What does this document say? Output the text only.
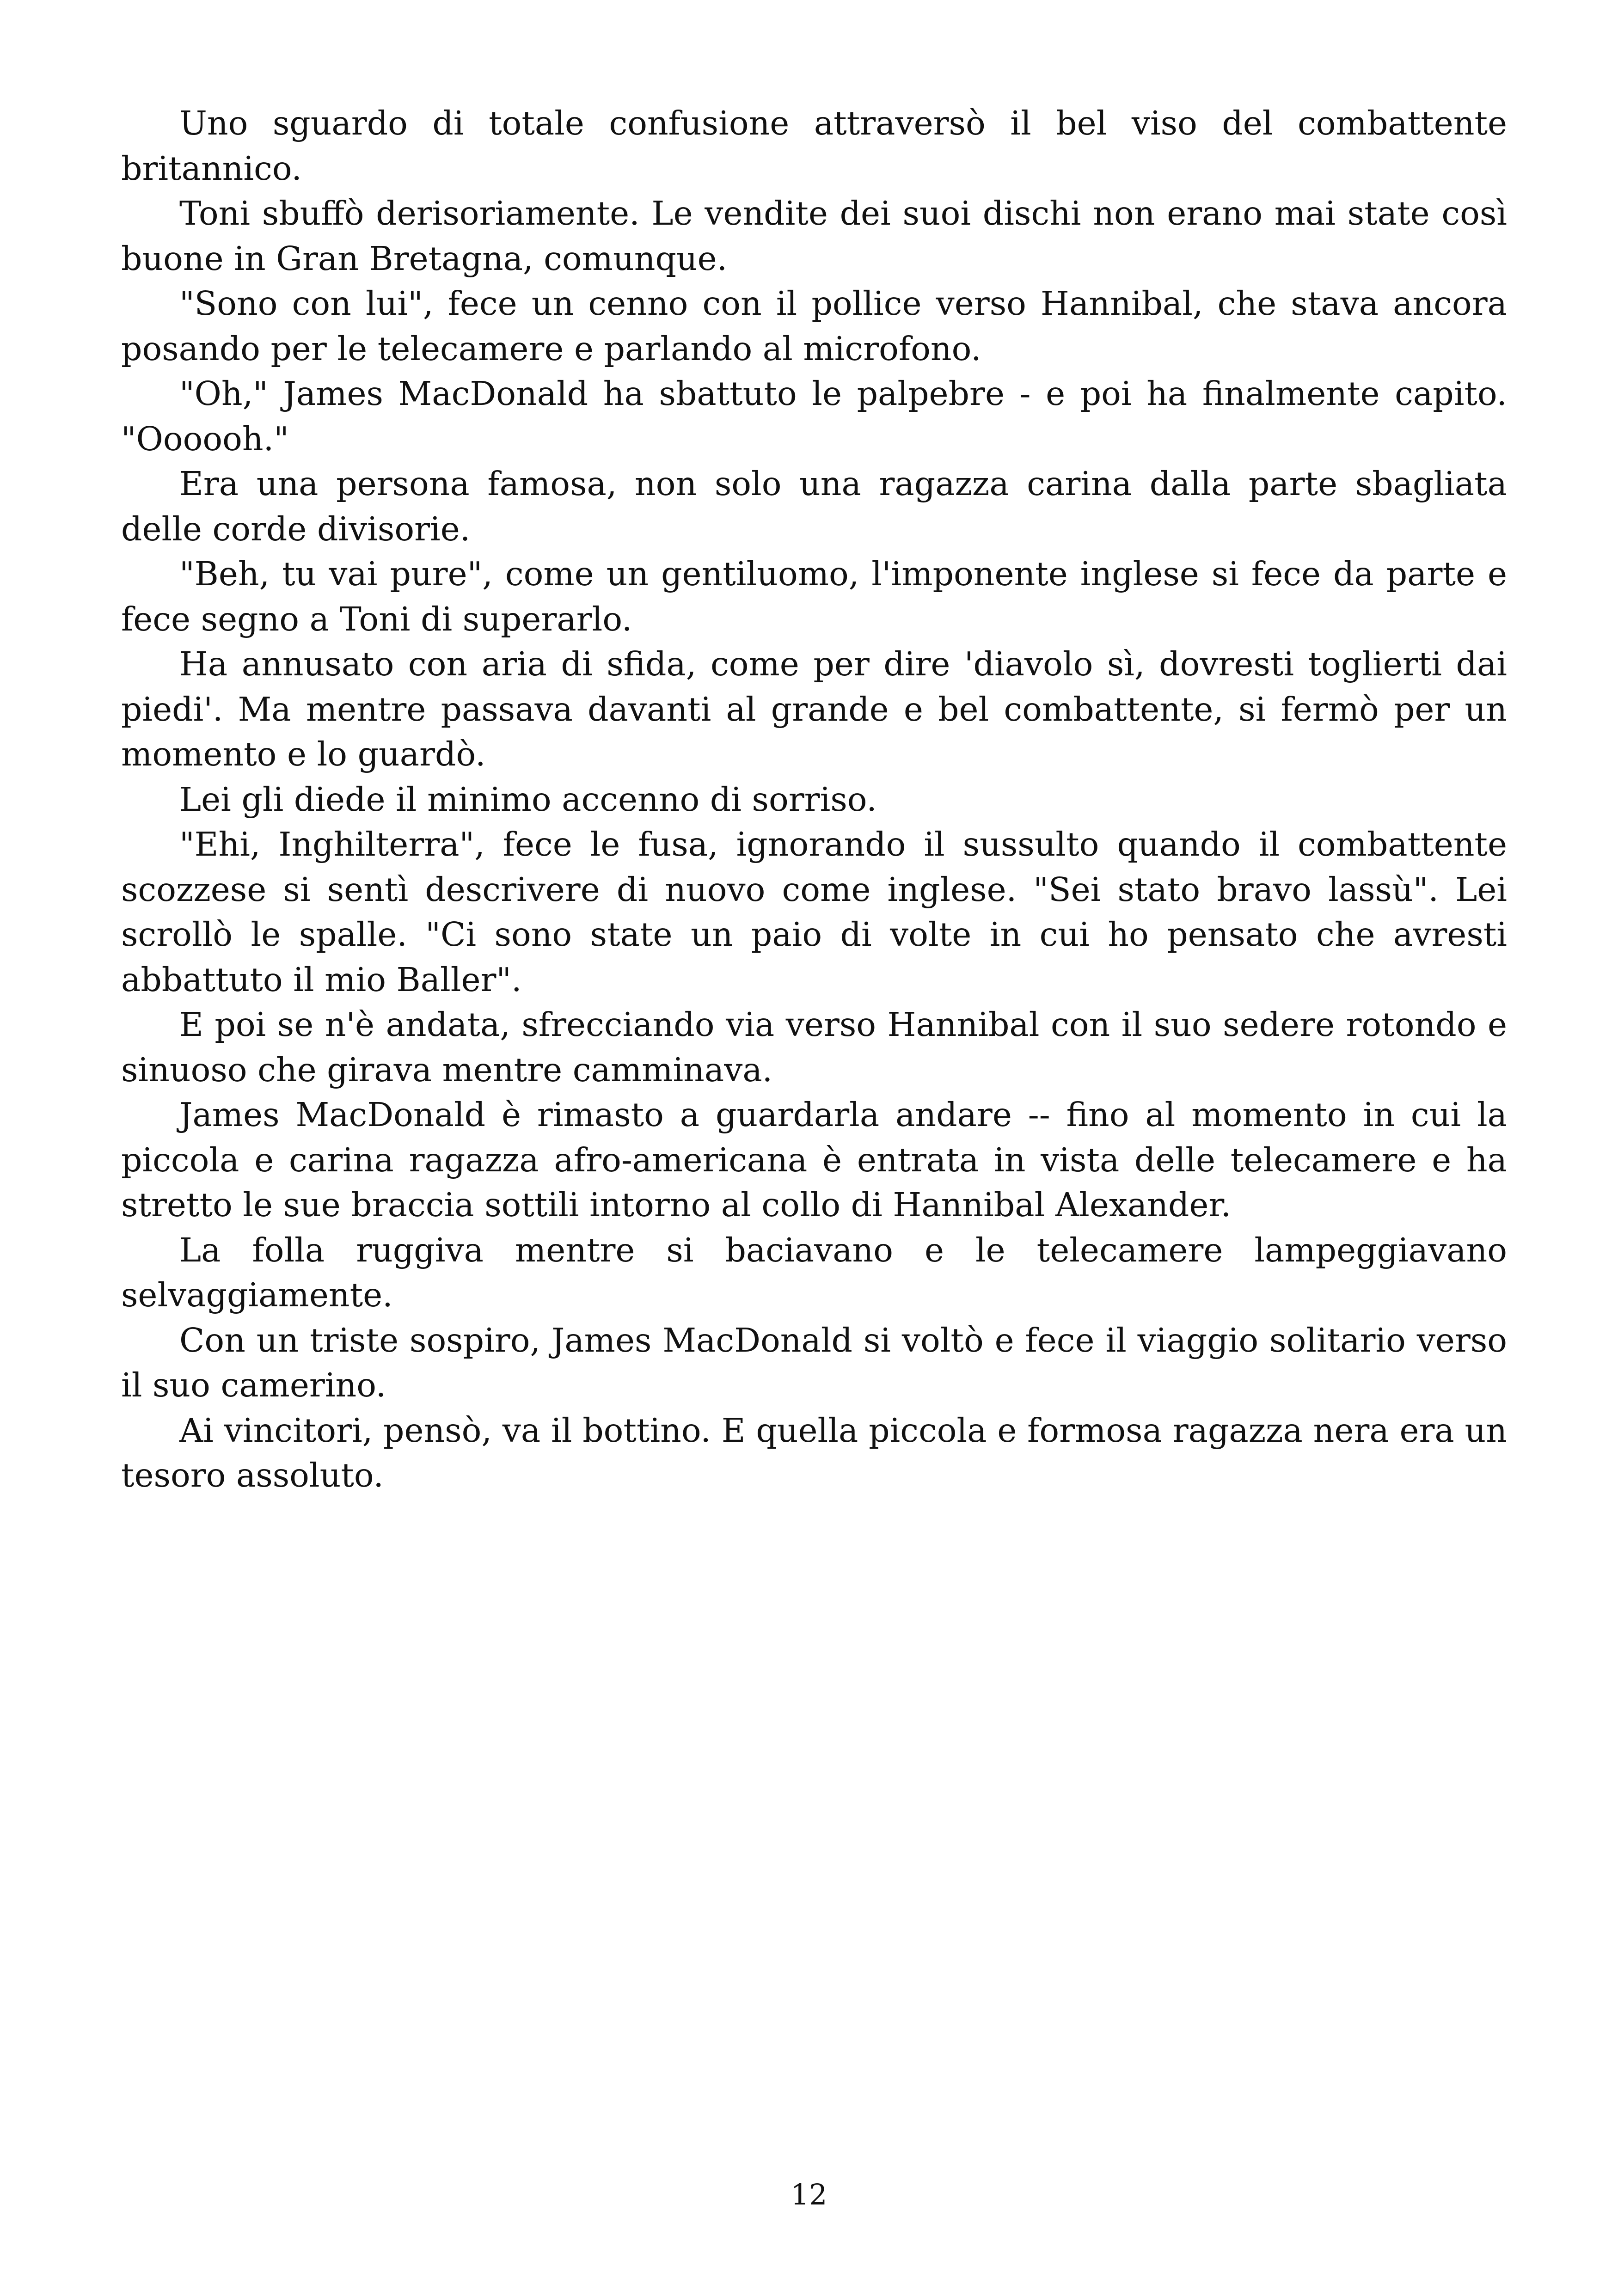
Uno sguardo di totale confusione attraversò il bel viso del combattente britannico.

Toni sbuffò derisoriamente. Le vendite dei suoi dischi non erano mai state così buone in Gran Bretagna, comunque.

"Sono con lui", fece un cenno con il pollice verso Hannibal, che stava ancora posando per le telecamere e parlando al microfono.

"Oh," James MacDonald ha sbattuto le palpebre - e poi ha finalmente capito. "Oooooh."

Era una persona famosa, non solo una ragazza carina dalla parte sbagliata delle corde divisorie.

"Beh, tu vai pure", come un gentiluomo, l'imponente inglese si fece da parte e fece segno a Toni di superarlo.

Ha annusato con aria di sfida, come per dire 'diavolo sì, dovresti toglierti dai piedi'. Ma mentre passava davanti al grande e bel combattente, si fermò per un momento e lo guardò.

Lei gli diede il minimo accenno di sorriso.

"Ehi, Inghilterra", fece le fusa, ignorando il sussulto quando il combattente scozzese si sentì descrivere di nuovo come inglese. "Sei stato bravo lassù". Lei scrollò le spalle. "Ci sono state un paio di volte in cui ho pensato che avresti abbattuto il mio Baller".

E poi se n'è andata, sfrecciando via verso Hannibal con il suo sedere rotondo e sinuoso che girava mentre camminava.

James MacDonald è rimasto a guardarla andare -- fino al momento in cui la piccola e carina ragazza afro-americana è entrata in vista delle telecamere e ha stretto le sue braccia sottili intorno al collo di Hannibal Alexander.

La folla ruggiva mentre si baciavano e le telecamere lampeggiavano selvaggiamente.

Con un triste sospiro, James MacDonald si voltò e fece il viaggio solitario verso il suo camerino.

Ai vincitori, pensò, va il bottino. E quella piccola e formosa ragazza nera era un tesoro assoluto.

12
